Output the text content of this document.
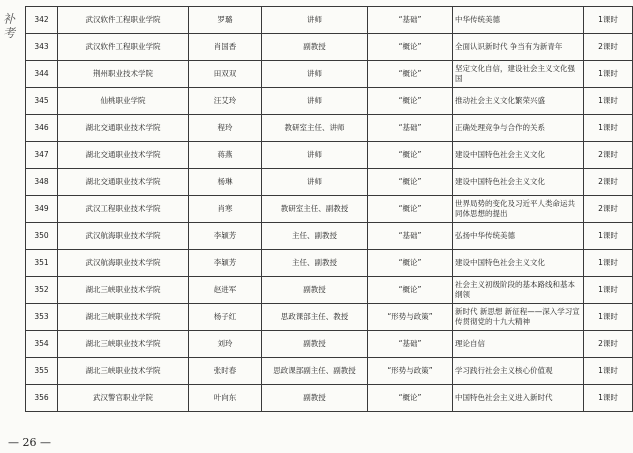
补考
342	武汉软件工程职业学院	罗璐	讲师	“基础”	中华传统美德	1课时
343	武汉软件工程职业学院	肖国香	副教授	“概论”	全面认识新时代 争当有为新青年	2课时
344	荆州职业技术学院	田双双	讲师	“概论”	坚定文化自信，建设社会主义文化强国	1课时
345	仙桃职业学院	汪艾玲	讲师	“概论”	推动社会主义文化繁荣兴盛	1课时
346	湖北交通职业技术学院	程玲	教研室主任、讲师	“基础”	正确处理竞争与合作的关系	1课时
347	湖北交通职业技术学院	蒋燕	讲师	“概论”	建设中国特色社会主义文化	2课时
348	湖北交通职业技术学院	杨琳	讲师	“概论”	建设中国特色社会主义文化	2课时
349	武汉工程职业技术学院	肖寒	教研室主任、副教授	“概论”	世界局势的变化及习近平人类命运共同体思想的提出	2课时
350	武汉航海职业技术学院	李颖芳	主任、副教授	“基础”	弘扬中华传统美德	1课时
351	武汉航海职业技术学院	李颖芳	主任、副教授	“概论”	建设中国特色社会主义文化	1课时
352	湖北三峡职业技术学院	赵进军	副教授	“概论”	社会主义初级阶段的基本路线和基本纲领	1课时
353	湖北三峡职业技术学院	杨子红	思政课部主任、教授	“形势与政策”	新时代 新思想 新征程——深入学习宣传贯彻党的十九大精神	1课时
354	湖北三峡职业技术学院	刘玲	副教授	“基础”	理论自信	2课时
355	湖北三峡职业技术学院	张时春	思政课部副主任、副教授	“形势与政策”	学习践行社会主义核心价值观	1课时
356	武汉警官职业学院	叶向东	副教授	“概论”	中国特色社会主义进入新时代	1课时
— 26 —
